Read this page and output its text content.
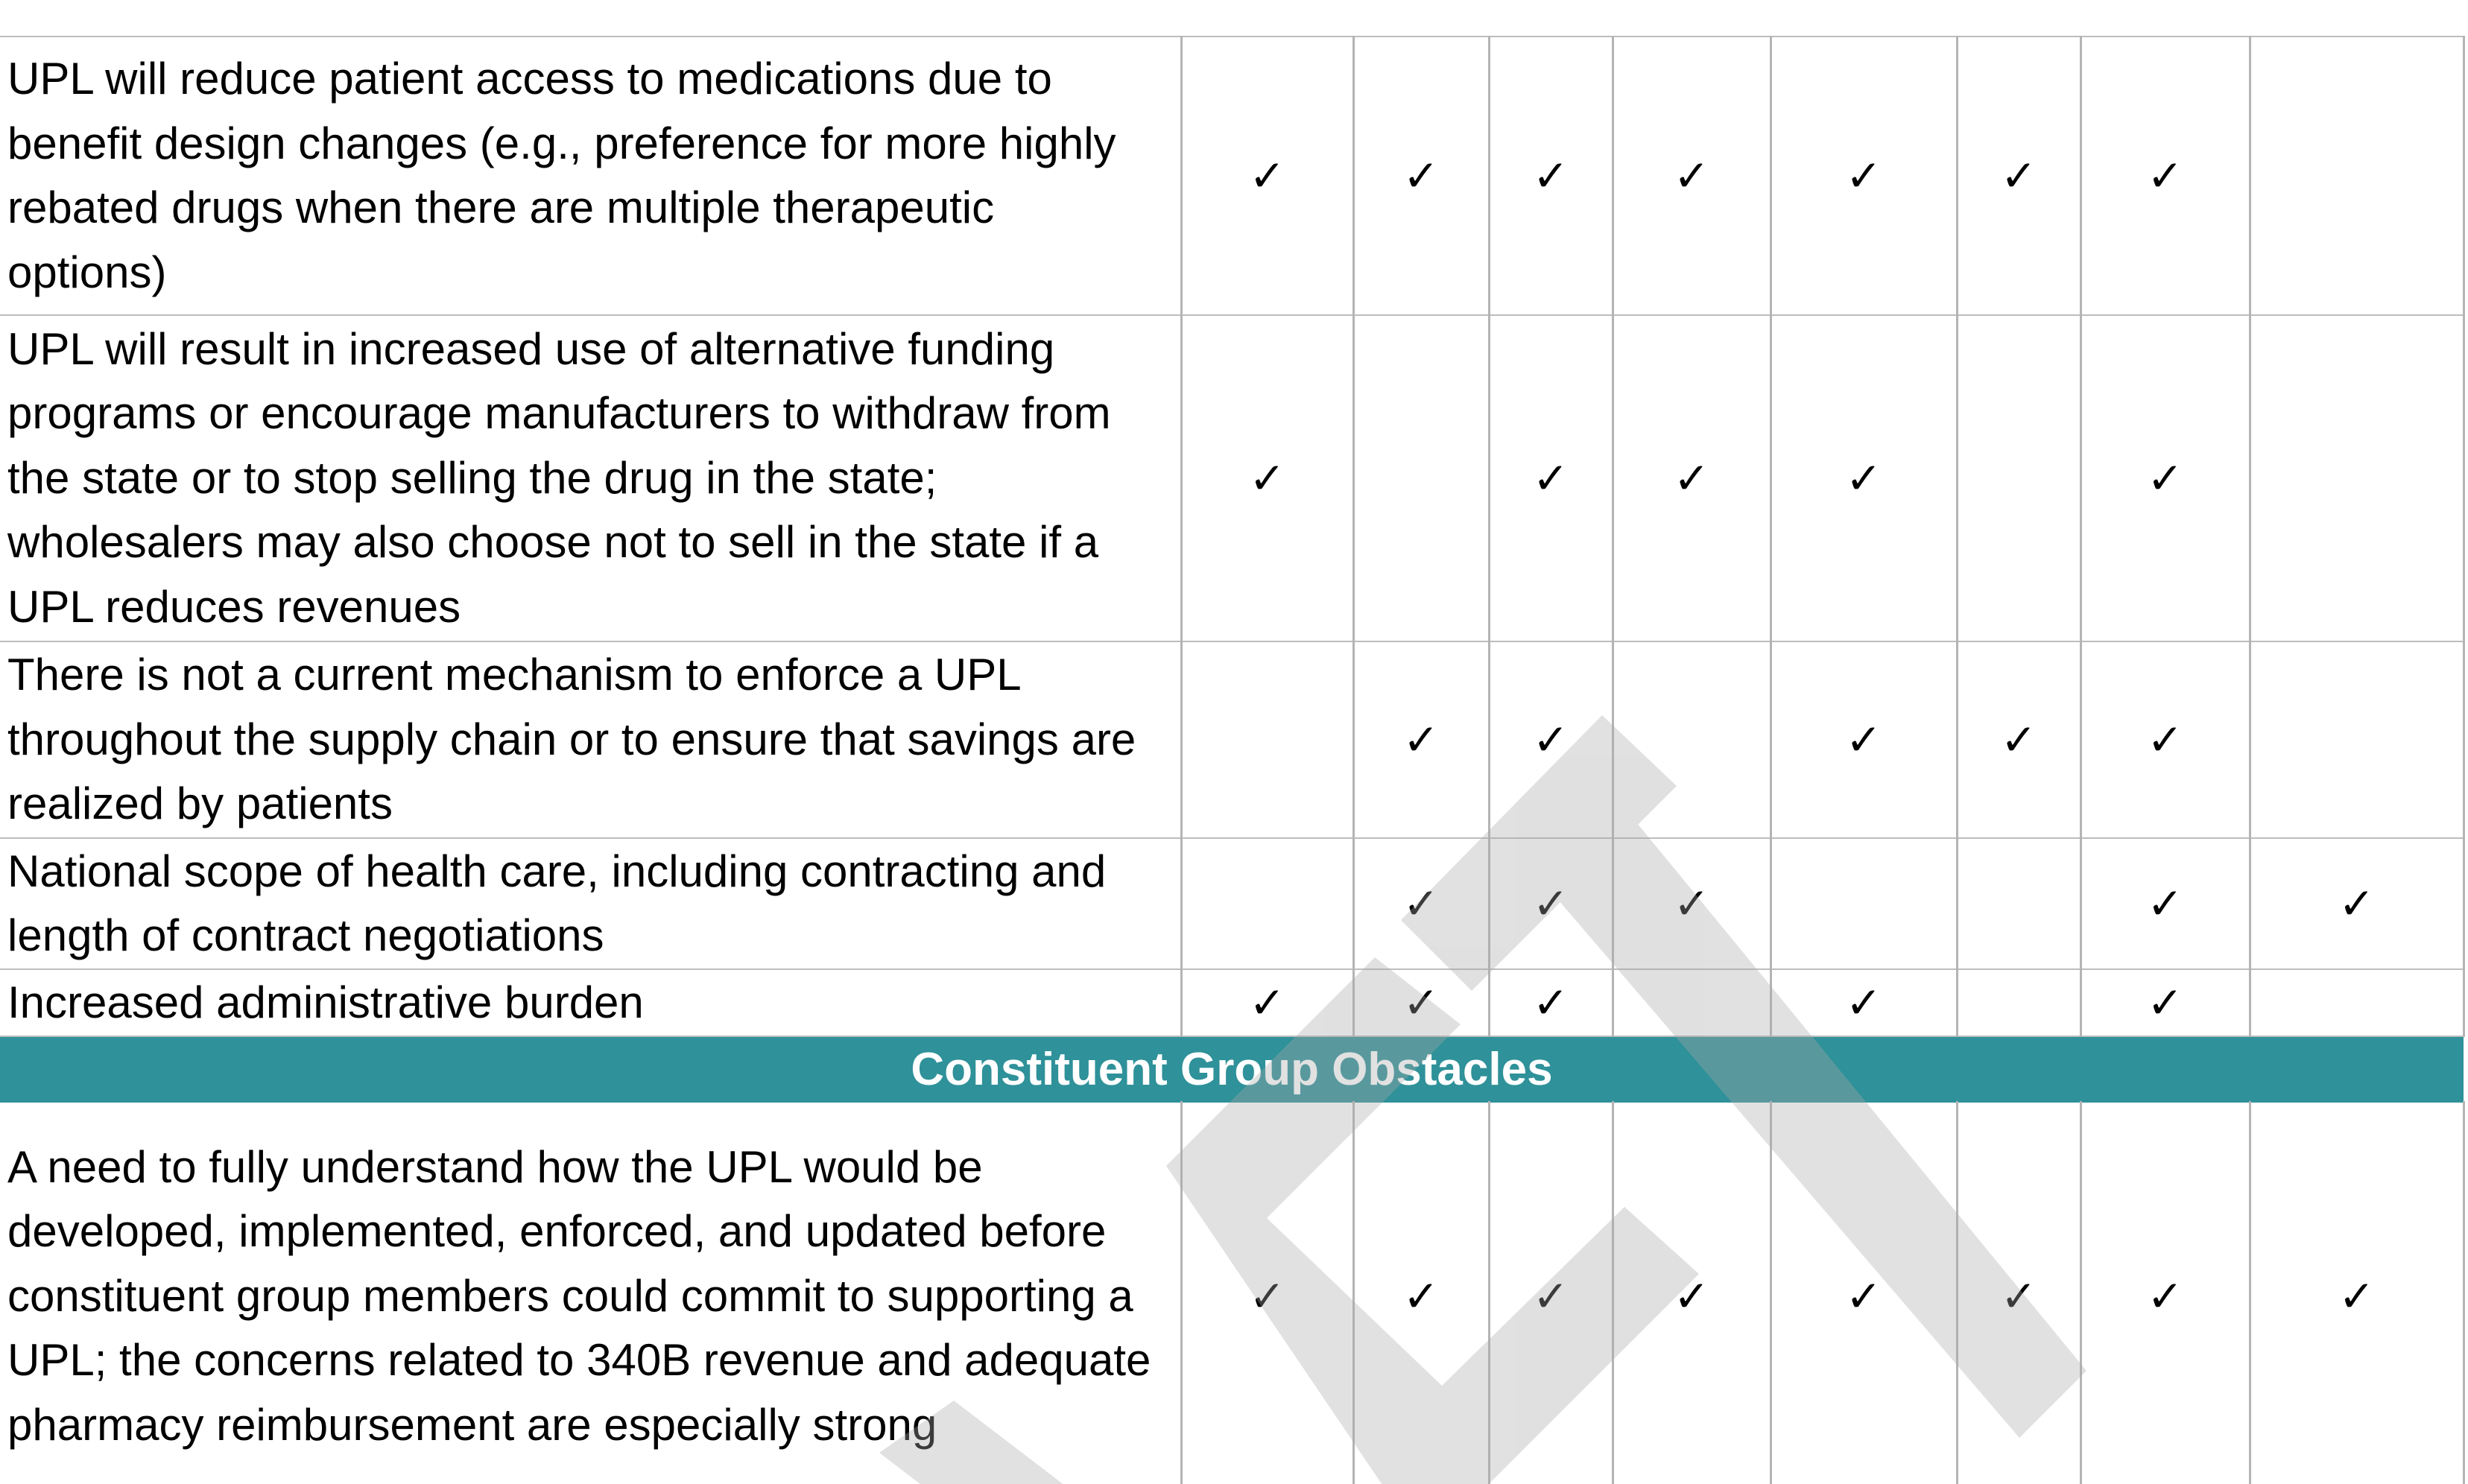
UPL will reduce patient access to medications due to benefit design changes (e.g., preference for more highly rebated drugs when there are multiple therapeutic options)	✓	✓	✓	✓	✓	✓	✓	
UPL will result in increased use of alternative funding programs or encourage manufacturers to withdraw from the state or to stop selling the drug in the state; wholesalers may also choose not to sell in the state if a UPL reduces revenues	✓		✓	✓	✓		✓	
There is not a current mechanism to enforce a UPL throughout the supply chain or to ensure that savings are realized by patients		✓	✓		✓	✓	✓	
National scope of health care, including contracting and length of contract negotiations		✓	✓	✓			✓	✓
Increased administrative burden	✓	✓	✓		✓		✓	
Constituent Group Obstacles								
A need to fully understand how the UPL would be developed, implemented, enforced, and updated before constituent group members could commit to supporting a UPL; the concerns related to 340B revenue and adequate pharmacy reimbursement are especially strong	✓	✓	✓	✓	✓	✓	✓	✓
